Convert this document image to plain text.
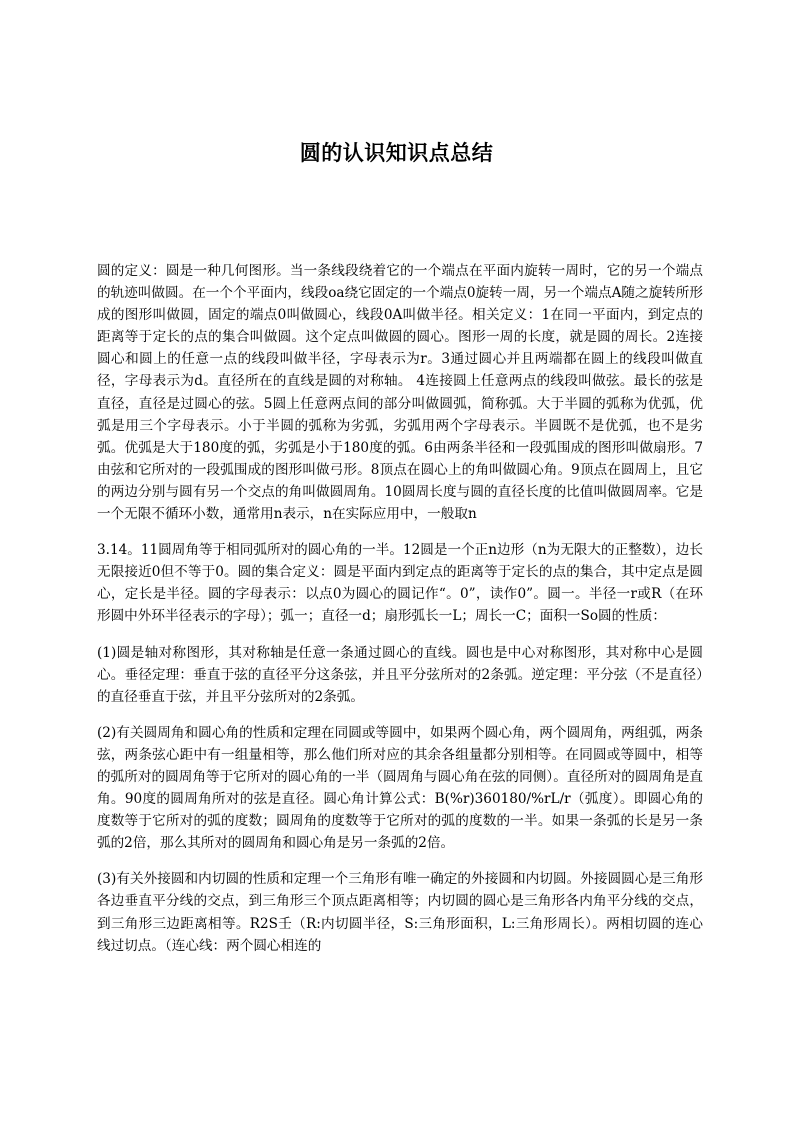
圆的认识知识点总结

圆的定义：圆是一种几何图形。当一条线段绕着它的一个端点在平面内旋转一周时，它的另一个端点的轨迹叫做圆。在一个个平面内，线段oa绕它固定的一个端点0旋转一周，另一个端点A随之旋转所形成的图形叫做圆，固定的端点0叫做圆心，线段0A叫做半径。相关定义：1在同一平面内，到定点的距离等于定长的点的集合叫做圆。这个定点叫做圆的圆心。图形一周的长度，就是圆的周长。2连接圆心和圆上的任意一点的线段叫做半径，字母表示为r。3通过圆心并且两端都在圆上的线段叫做直径，字母表示为d。直径所在的直线是圆的对称轴。 4连接圆上任意两点的线段叫做弦。最长的弦是直径，直径是过圆心的弦。5圆上任意两点间的部分叫做圆弧，简称弧。大于半圆的弧称为优弧，优弧是用三个字母表示。小于半圆的弧称为劣弧，劣弧用两个字母表示。半圆既不是优弧，也不是劣弧。优弧是大于180度的弧，劣弧是小于180度的弧。6由两条半径和一段弧围成的图形叫做扇形。7由弦和它所对的一段弧围成的图形叫做弓形。8顶点在圆心上的角叫做圆心角。9顶点在圆周上，且它的两边分别与圆有另一个交点的角叫做圆周角。10圆周长度与圆的直径长度的比值叫做圆周率。它是一个无限不循环小数，通常用n表示，n在实际应用中，一般取n

3.14。11圆周角等于相同弧所对的圆心角的一半。12圆是一个正n边形（n为无限大的正整数），边长无限接近0但不等于0。圆的集合定义：圆是平面内到定点的距离等于定长的点的集合，其中定点是圆心，定长是半径。圆的字母表示：以点0为圆心的圆记作“。0”，读作0”。圆一。半径一r或R（在环形圆中外环半径表示的字母）；弧一；直径一d；扇形弧长一L；周长一C；面积一So圆的性质：

(1)圆是轴对称图形，其对称轴是任意一条通过圆心的直线。圆也是中心对称图形，其对称中心是圆心。垂径定理：垂直于弦的直径平分这条弦，并且平分弦所对的2条弧。逆定理：平分弦（不是直径）的直径垂直于弦，并且平分弦所对的2条弧。

(2)有关圆周角和圆心角的性质和定理在同圆或等圆中，如果两个圆心角，两个圆周角，两组弧，两条弦，两条弦心距中有一组量相等，那么他们所对应的其余各组量都分别相等。在同圆或等圆中，相等的弧所对的圆周角等于它所对的圆心角的一半（圆周角与圆心角在弦的同侧）。直径所对的圆周角是直角。90度的圆周角所对的弦是直径。圆心角计算公式：B(%r)360180/%rL/r（弧度）。即圆心角的度数等于它所对的弧的度数；圆周角的度数等于它所对的弧的度数的一半。如果一条弧的长是另一条弧的2倍，那么其所对的圆周角和圆心角是另一条弧的2倍。

(3)有关外接圆和内切圆的性质和定理一个三角形有唯一确定的外接圆和内切圆。外接圆圆心是三角形各边垂直平分线的交点，到三角形三个顶点距离相等；内切圆的圆心是三角形各内角平分线的交点，到三角形三边距离相等。R2S壬（R:内切圆半径，S:三角形面积，L:三角形周长）。两相切圆的连心线过切点。（连心线：两个圆心相连的
